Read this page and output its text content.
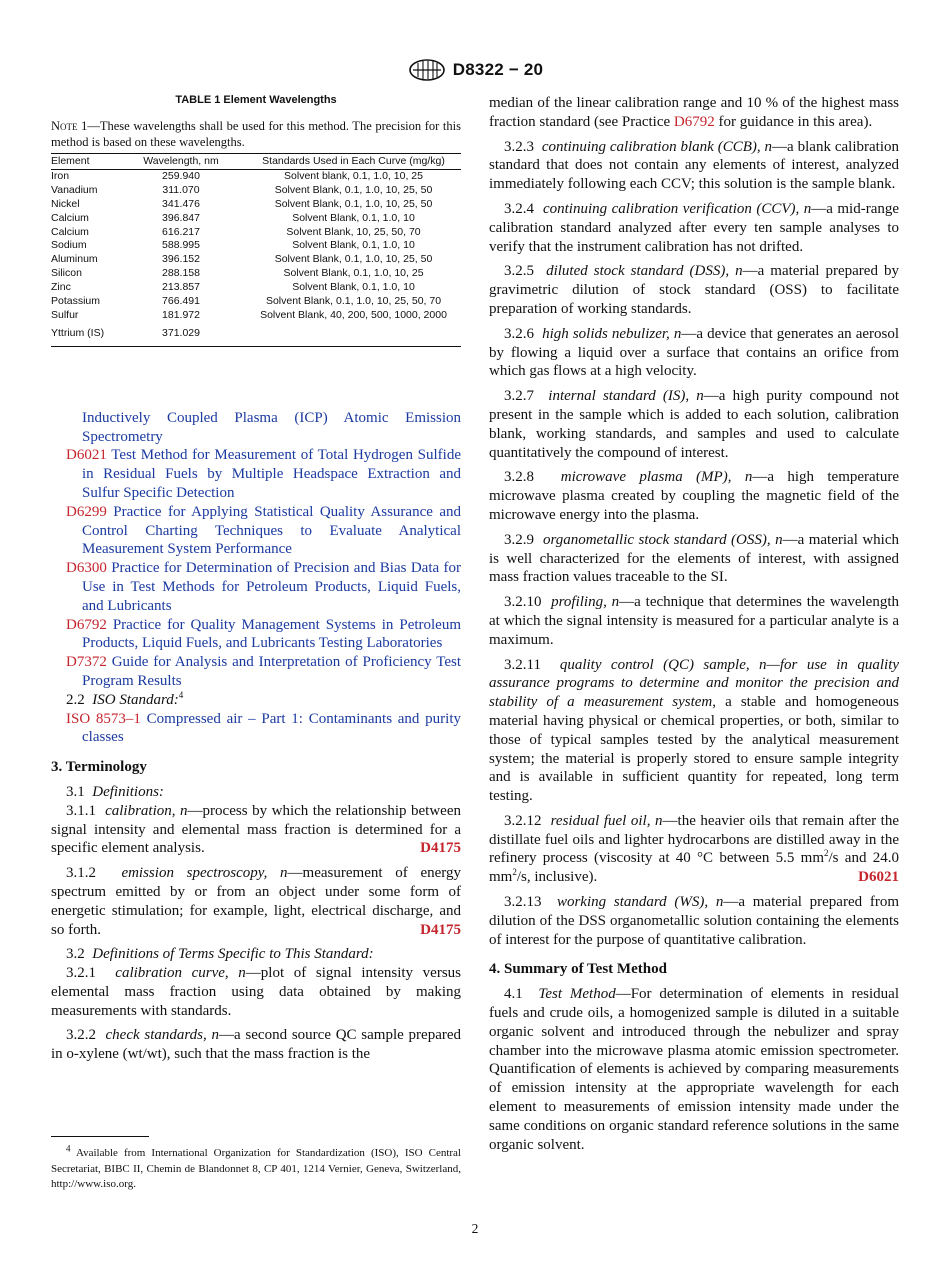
D8322 − 20
TABLE 1 Element Wavelengths

Note 1—These wavelengths shall be used for this method. The precision for this method is based on these wavelengths.

Element	Wavelength, nm	Standards Used in Each Curve (mg/kg)
Iron	259.940	Solvent blank, 0.1, 1.0, 10, 25
Vanadium	311.070	Solvent Blank, 0.1, 1.0, 10, 25, 50
Nickel	341.476	Solvent Blank, 0.1, 1.0, 10, 25, 50
Calcium	396.847	Solvent Blank, 0.1, 1.0, 10
Calcium	616.217	Solvent Blank, 10, 25, 50, 70
Sodium	588.995	Solvent Blank, 0.1, 1.0, 10
Aluminum	396.152	Solvent Blank, 0.1, 1.0, 10, 25, 50
Silicon	288.158	Solvent Blank, 0.1, 1.0, 10, 25
Zinc	213.857	Solvent Blank, 0.1, 1.0, 10
Potassium	766.491	Solvent Blank, 0.1, 1.0, 10, 25, 50, 70
Sulfur	181.972	Solvent Blank, 40, 200, 500, 1000, 2000
Yttrium (IS)	371.029	

Inductively Coupled Plasma (ICP) Atomic Emission Spectrometry

D6021 Test Method for Measurement of Total Hydrogen Sulfide in Residual Fuels by Multiple Headspace Extraction and Sulfur Specific Detection

D6299 Practice for Applying Statistical Quality Assurance and Control Charting Techniques to Evaluate Analytical Measurement System Performance

D6300 Practice for Determination of Precision and Bias Data for Use in Test Methods for Petroleum Products, Liquid Fuels, and Lubricants

D6792 Practice for Quality Management Systems in Petroleum Products, Liquid Fuels, and Lubricants Testing Laboratories

D7372 Guide for Analysis and Interpretation of Proficiency Test Program Results

2.2 ISO Standard:$^4$

ISO 8573–1 Compressed air – Part 1: Contaminants and purity classes

3. Terminology

3.1 Definitions:

3.1.1 calibration, n—process by which the relationship between signal intensity and elemental mass fraction is determined for a specific element analysis.	D4175

3.1.2 emission spectroscopy, n—measurement of energy spectrum emitted by or from an object under some form of energetic stimulation; for example, light, electrical discharge, and so forth.	D4175

3.2 Definitions of Terms Specific to This Standard:

3.2.1 calibration curve, n—plot of signal intensity versus elemental mass fraction using data obtained by making measurements with standards.

3.2.2 check standards, n—a second source QC sample prepared in o-xylene (wt/wt), such that the mass fraction is the

$^4$ Available from International Organization for Standardization (ISO), ISO Central Secretariat, BIBC II, Chemin de Blandonnet 8, CP 401, 1214 Vernier, Geneva, Switzerland, http://www.iso.org.

median of the linear calibration range and 10 % of the highest mass fraction standard (see Practice D6792 for guidance in this area).

3.2.3 continuing calibration blank (CCB), n—a blank calibration standard that does not contain any elements of interest, analyzed immediately following each CCV; this solution is the sample blank.

3.2.4 continuing calibration verification (CCV), n—a mid-range calibration standard analyzed after every ten sample analyses to verify that the instrument calibration has not drifted.

3.2.5 diluted stock standard (DSS), n—a material prepared by gravimetric dilution of stock standard (OSS) to facilitate preparation of working standards.

3.2.6 high solids nebulizer, n—a device that generates an aerosol by flowing a liquid over a surface that contains an orifice from which gas flows at a high velocity.

3.2.7 internal standard (IS), n—a high purity compound not present in the sample which is added to each solution, calibration blank, working standards, and samples and used to calculate quantitatively the compound of interest.

3.2.8 microwave plasma (MP), n—a high temperature microwave plasma created by coupling the magnetic field of the microwave energy into the plasma.

3.2.9 organometallic stock standard (OSS), n—a material which is well characterized for the elements of interest, with assigned mass fraction values traceable to the SI.

3.2.10 profiling, n—a technique that determines the wavelength at which the signal intensity is measured for a particular analyte is a maximum.

3.2.11 quality control (QC) sample, n—for use in quality assurance programs to determine and monitor the precision and stability of a measurement system, a stable and homogeneous material having physical or chemical properties, or both, similar to those of typical samples tested by the analytical measurement system; the material is properly stored to ensure sample integrity and is available in sufficient quantity for repeated, long term testing.

3.2.12 residual fuel oil, n—the heavier oils that remain after the distillate fuel oils and lighter hydrocarbons are distilled away in the refinery process (viscosity at 40 °C between 5.5 $mm^2/s$ and 24.0 $mm^2/s$, inclusive).	D6021

3.2.13 working standard (WS), n—a material prepared from dilution of the DSS organometallic solution containing the elements of interest for the purpose of quantitative calibration.

4. Summary of Test Method

4.1 Test Method—For determination of elements in residual fuels and crude oils, a homogenized sample is diluted in a suitable organic solvent and introduced through the nebulizer and spray chamber into the microwave plasma atomic emission spectrometer. Quantification of elements is achieved by comparing measurements of emission intensity at the appropriate wavelength for each element to measurements of emission intensity made under the same conditions on organic standard reference solutions in the same organic solvent.

2
